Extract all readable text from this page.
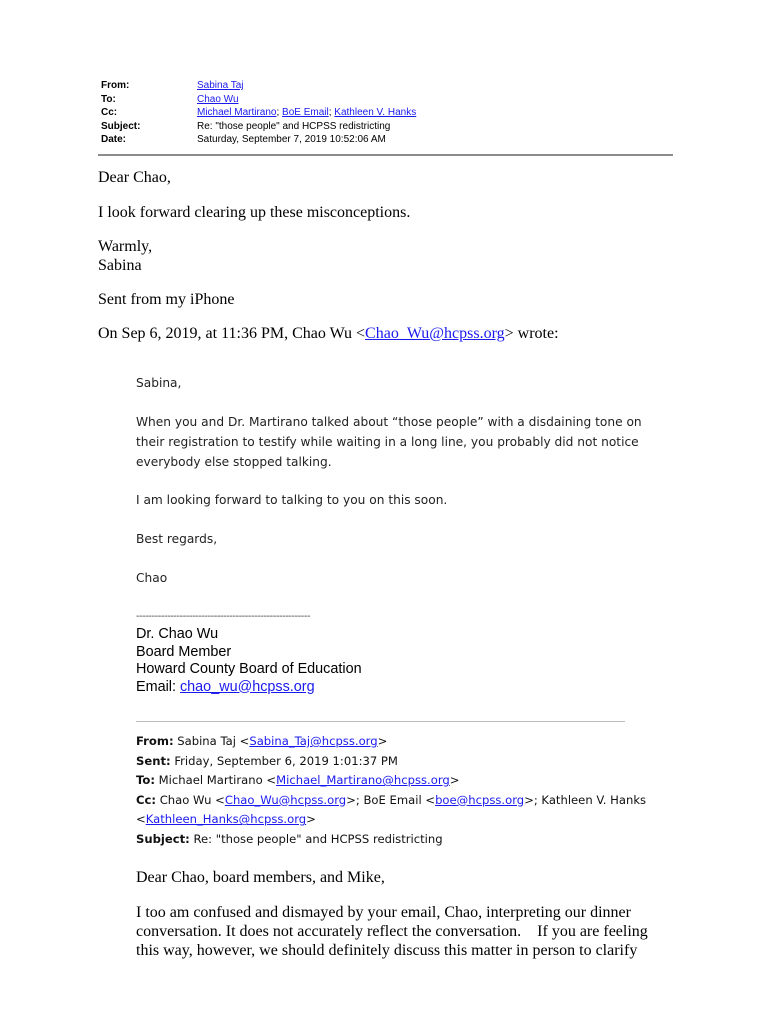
From:	Sabina Taj
To:	Chao Wu
Cc:	Michael Martirano; BoE Email; Kathleen V. Hanks
Subject:	Re: "those people" and HCPSS redistricting
Date:	Saturday, September 7, 2019 10:52:06 AM
Dear Chao,
I look forward clearing up these misconceptions.
Warmly,
Sabina
Sent from my iPhone
On Sep 6, 2019, at 11:36 PM, Chao Wu <Chao_Wu@hcpss.org> wrote:
Sabina,
When you and Dr. Martirano talked about “those people” with a disdaining tone on
their registration to testify while waiting in a long line, you probably did not notice
everybody else stopped talking.
I am looking forward to talking to you on this soon.
Best regards,
Chao
--------------------------------------------------------
Dr. Chao Wu
Board Member
Howard County Board of Education
Email: chao_wu@hcpss.org
From: Sabina Taj <Sabina_Taj@hcpss.org>
Sent: Friday, September 6, 2019 1:01:37 PM
To: Michael Martirano <Michael_Martirano@hcpss.org>
Cc: Chao Wu <Chao_Wu@hcpss.org>; BoE Email <boe@hcpss.org>; Kathleen V. Hanks
<Kathleen_Hanks@hcpss.org>
Subject: Re: "those people" and HCPSS redistricting
Dear Chao, board members, and Mike,
I too am confused and dismayed by your email, Chao, interpreting our dinner
conversation. It does not accurately reflect the conversation.    If you are feeling
this way, however, we should definitely discuss this matter in person to clarify
